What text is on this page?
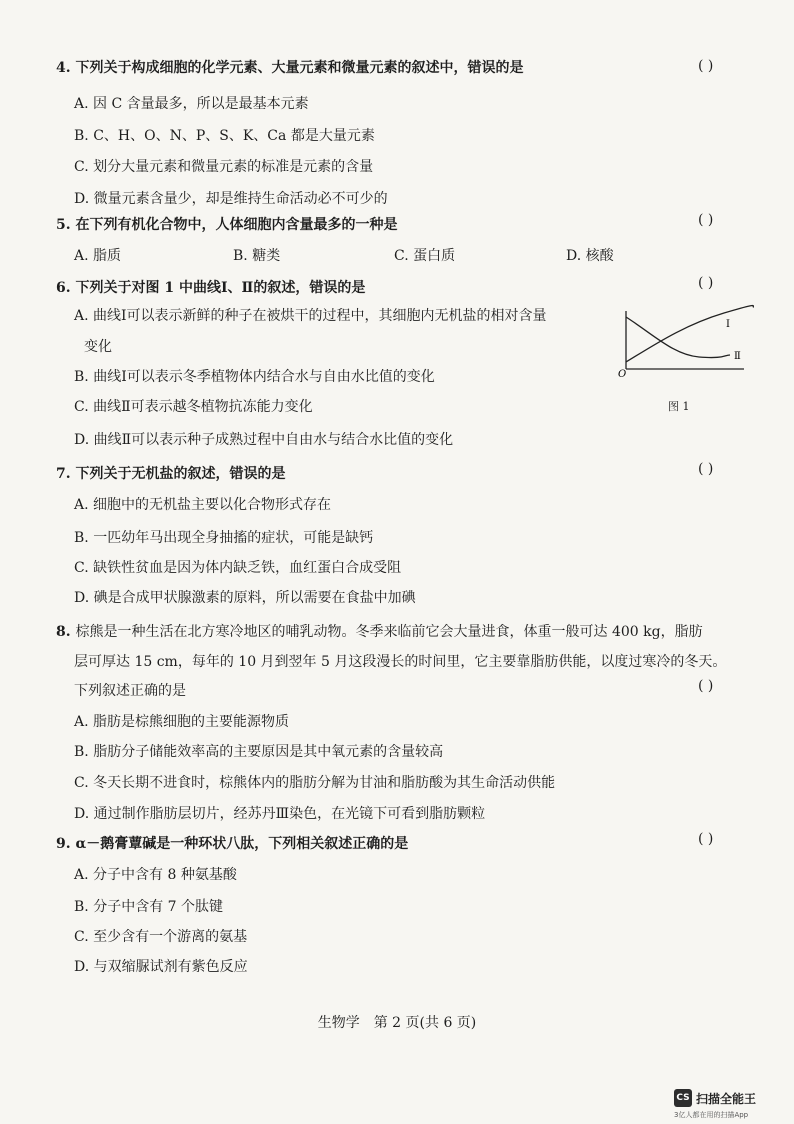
4. 下列关于构成细胞的化学元素、大量元素和微量元素的叙述中，错误的是	( )
A. 因 C 含量最多，所以是最基本元素
B. C、H、O、N、P、S、K、Ca 都是大量元素
C. 划分大量元素和微量元素的标准是元素的含量
D. 微量元素含量少，却是维持生命活动必不可少的
5. 在下列有机化合物中，人体细胞内含量最多的一种是	( )
A. 脂质	B. 糖类	C. 蛋白质	D. 核酸
6. 下列关于对图 1 中曲线Ⅰ、Ⅱ的叙述，错误的是	( )
A. 曲线Ⅰ可以表示新鲜的种子在被烘干的过程中，其细胞内无机盐的相对含量
变化
B. 曲线Ⅰ可以表示冬季植物体内结合水与自由水比值的变化
C. 曲线Ⅱ可表示越冬植物抗冻能力变化
D. 曲线Ⅱ可以表示种子成熟过程中自由水与结合水比值的变化
O
Ⅰ
Ⅱ
图 1
7. 下列关于无机盐的叙述，错误的是	( )
A. 细胞中的无机盐主要以化合物形式存在
B. 一匹幼年马出现全身抽搐的症状，可能是缺钙
C. 缺铁性贫血是因为体内缺乏铁，血红蛋白合成受阻
D. 碘是合成甲状腺激素的原料，所以需要在食盐中加碘
8. 棕熊是一种生活在北方寒冷地区的哺乳动物。冬季来临前它会大量进食，体重一般可达 400 kg，脂肪
层可厚达 15 cm，每年的 10 月到翌年 5 月这段漫长的时间里，它主要靠脂肪供能，以度过寒冷的冬天。
下列叙述正确的是	( )
A. 脂肪是棕熊细胞的主要能源物质
B. 脂肪分子储能效率高的主要原因是其中氧元素的含量较高
C. 冬天长期不进食时，棕熊体内的脂肪分解为甘油和脂肪酸为其生命活动供能
D. 通过制作脂肪层切片，经苏丹Ⅲ染色，在光镜下可看到脂肪颗粒
9. α－鹅膏蕈碱是一种环状八肽，下列相关叙述正确的是	( )
A. 分子中含有 8 种氨基酸
B. 分子中含有 7 个肽键
C. 至少含有一个游离的氨基
D. 与双缩脲试剂有紫色反应
生物学　第 2 页(共 6 页)
CS 扫描全能王
3亿人都在用的扫描App
